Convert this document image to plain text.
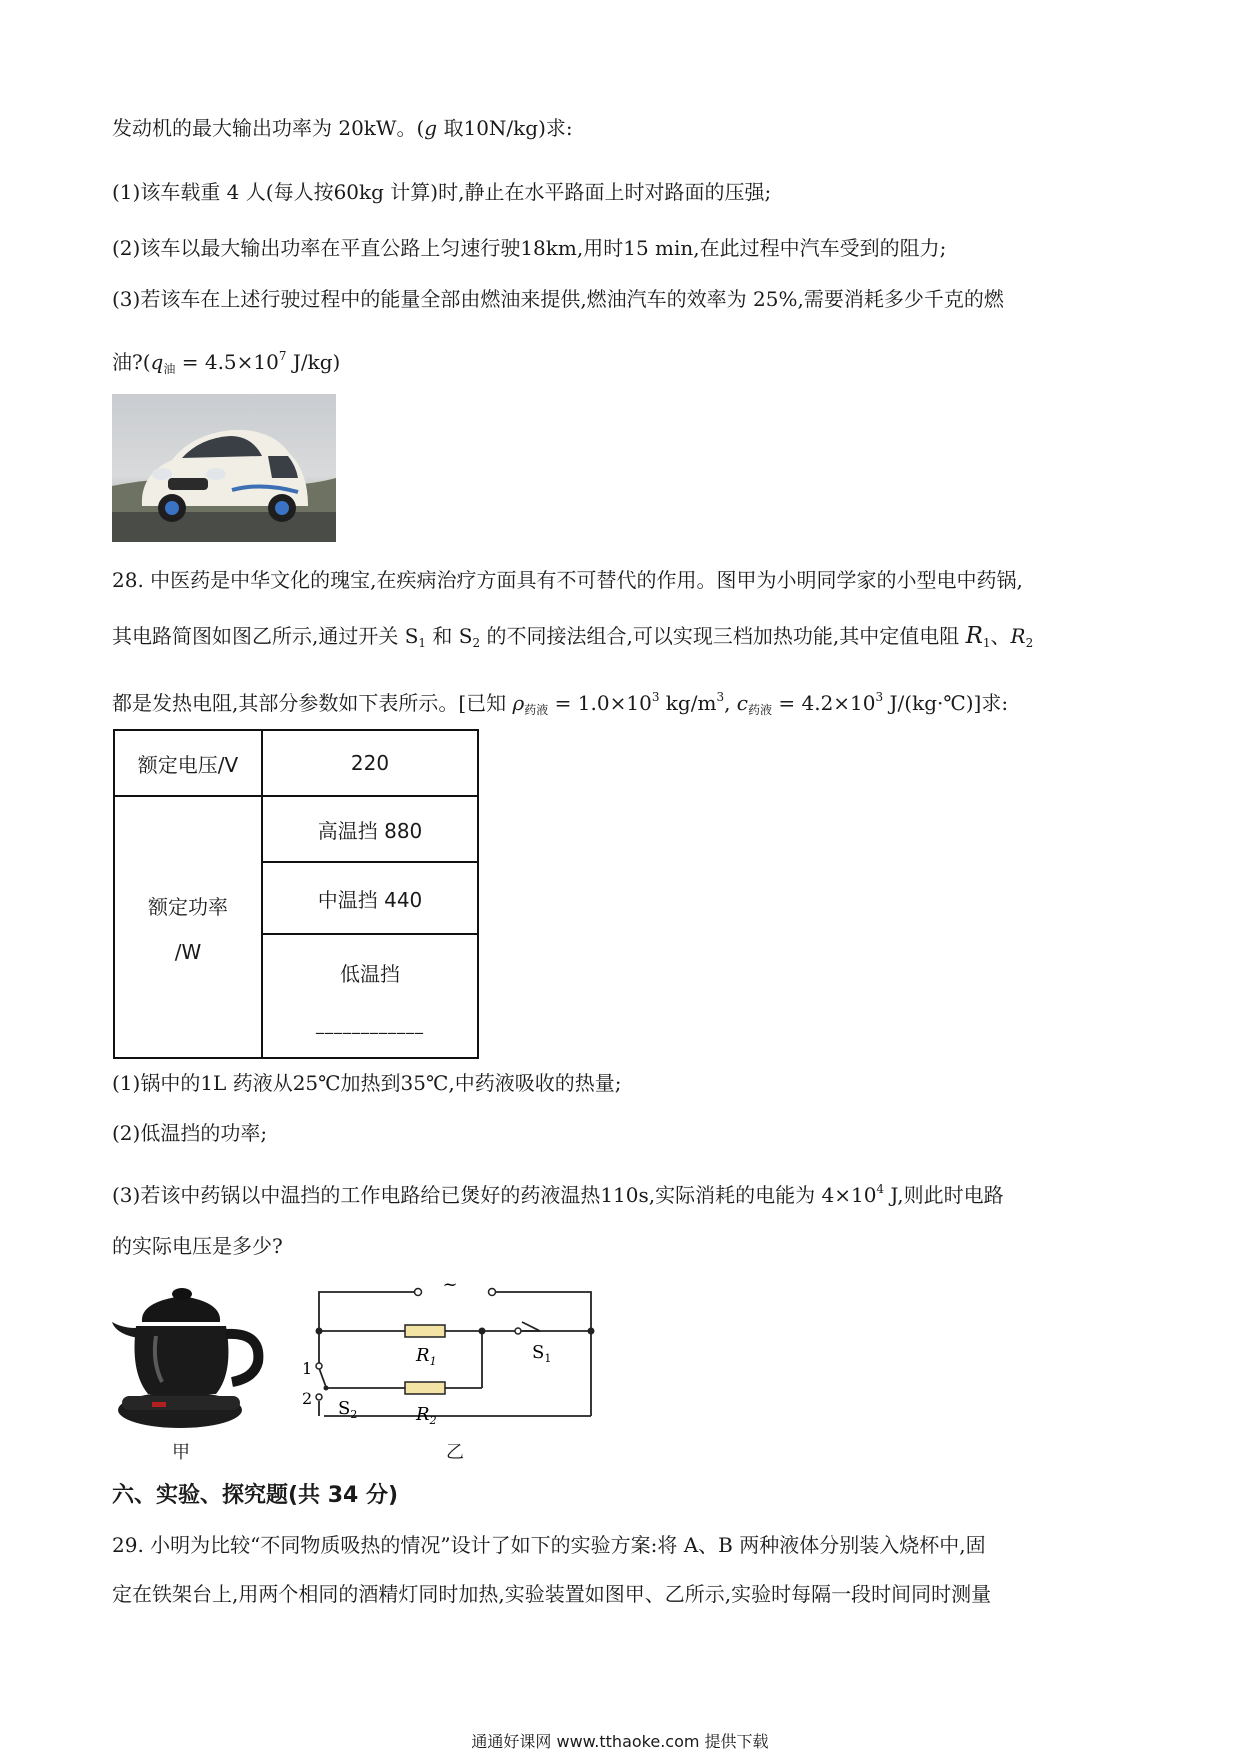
发动机的最大输出功率为 20kW。(g 取10N/kg)求:
(1)该车载重 4 人(每人按60kg 计算)时,静止在水平路面上时对路面的压强;
(2)该车以最大输出功率在平直公路上匀速行驶18km,用时15 min,在此过程中汽车受到的阻力;
(3)若该车在上述行驶过程中的能量全部由燃油来提供,燃油汽车的效率为 25%,需要消耗多少千克的燃
油$?(q_油 = 4.5\times 10^7$ J/kg)
28. 中医药是中华文化的瑰宝,在疾病治疗方面具有不可替代的作用。图甲为小明同学家的小型电中药锅,
其电路简图如图乙所示,通过开关 $S_1$ 和 $S_2$ 的不同接法组合,可以实现三档加热功能,其中定值电阻 $R_1$、$R_2$
都是发热电阻,其部分参数如下表所示。[已知 $\rho_{药液} = 1.0\times 10^3$ $kg/m^3$, $c_{药液} = 4.2\times 10^3$ J/(kg·℃)]求:
额定电压/V	220

额定功率
/W	高温挡 880
	中温挡 440

	低温挡
____________
(1)锅中的1L 药液从25℃加热到35℃,中药液吸收的热量;
(2)低温挡的功率;
(3)若该中药锅以中温挡的工作电路给已煲好的药液温热110s,实际消耗的电能为 $4\times 10^4$ J,则此时电路
的实际电压是多少?
甲
~
$R_1$
$R_2$
$S_1$
$S_2$
1
2
乙
六、实验、探究题(共 34 分)
29. 小明为比较“不同物质吸热的情况”设计了如下的实验方案:将 A、B 两种液体分别装入烧杯中,固
定在铁架台上,用两个相同的酒精灯同时加热,实验装置如图甲、乙所示,实验时每隔一段时间同时测量
通通好课网 www.tthaoke.com 提供下载
